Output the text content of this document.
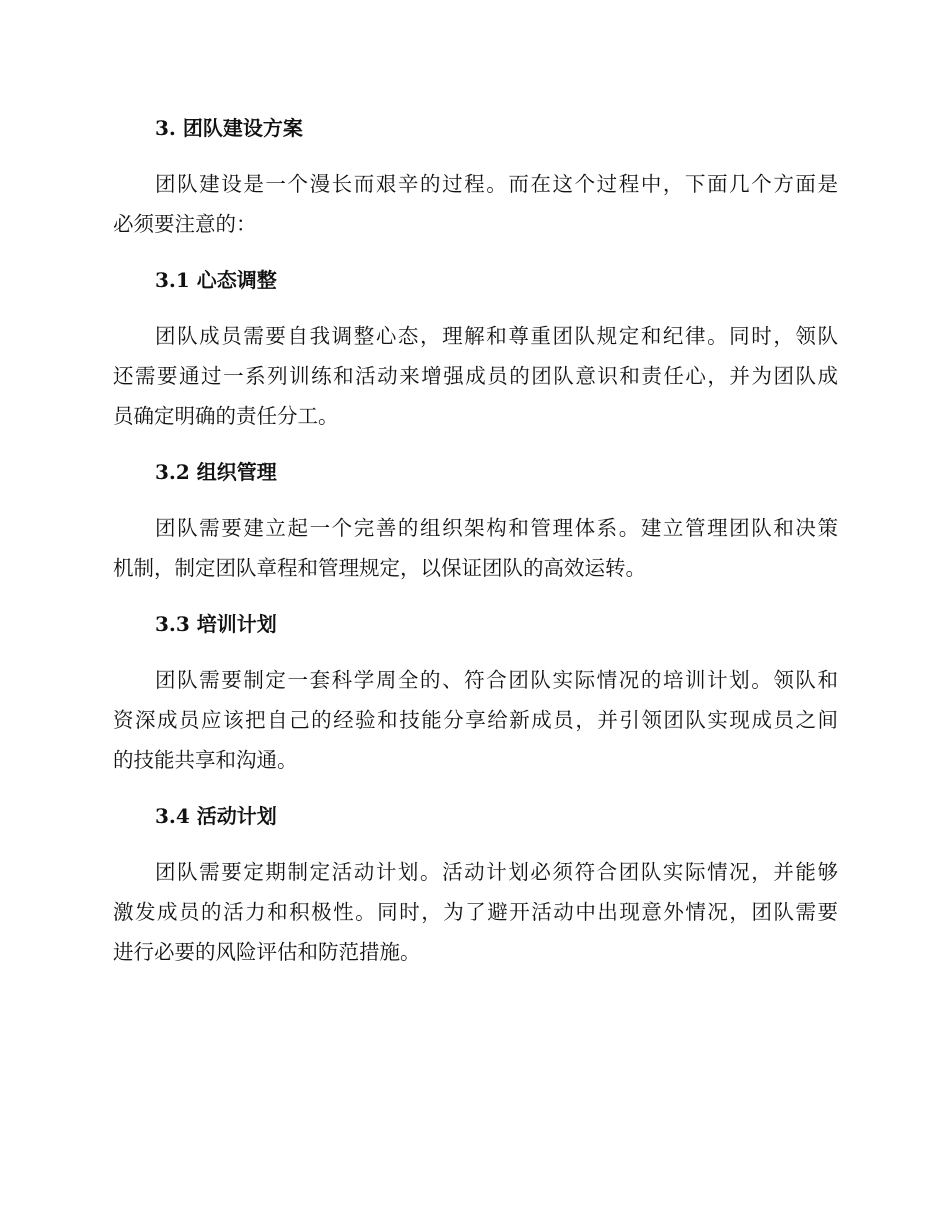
3. 团队建设方案
团队建设是一个漫长而艰辛的过程。而在这个过程中，下面几个方面是
必须要注意的：
3.1 心态调整
团队成员需要自我调整心态，理解和尊重团队规定和纪律。同时，领队
还需要通过一系列训练和活动来增强成员的团队意识和责任心，并为团队成
员确定明确的责任分工。
3.2 组织管理
团队需要建立起一个完善的组织架构和管理体系。建立管理团队和决策
机制，制定团队章程和管理规定，以保证团队的高效运转。
3.3 培训计划
团队需要制定一套科学周全的、符合团队实际情况的培训计划。领队和
资深成员应该把自己的经验和技能分享给新成员，并引领团队实现成员之间
的技能共享和沟通。
3.4 活动计划
团队需要定期制定活动计划。活动计划必须符合团队实际情况，并能够
激发成员的活力和积极性。同时，为了避开活动中出现意外情况，团队需要
进行必要的风险评估和防范措施。
